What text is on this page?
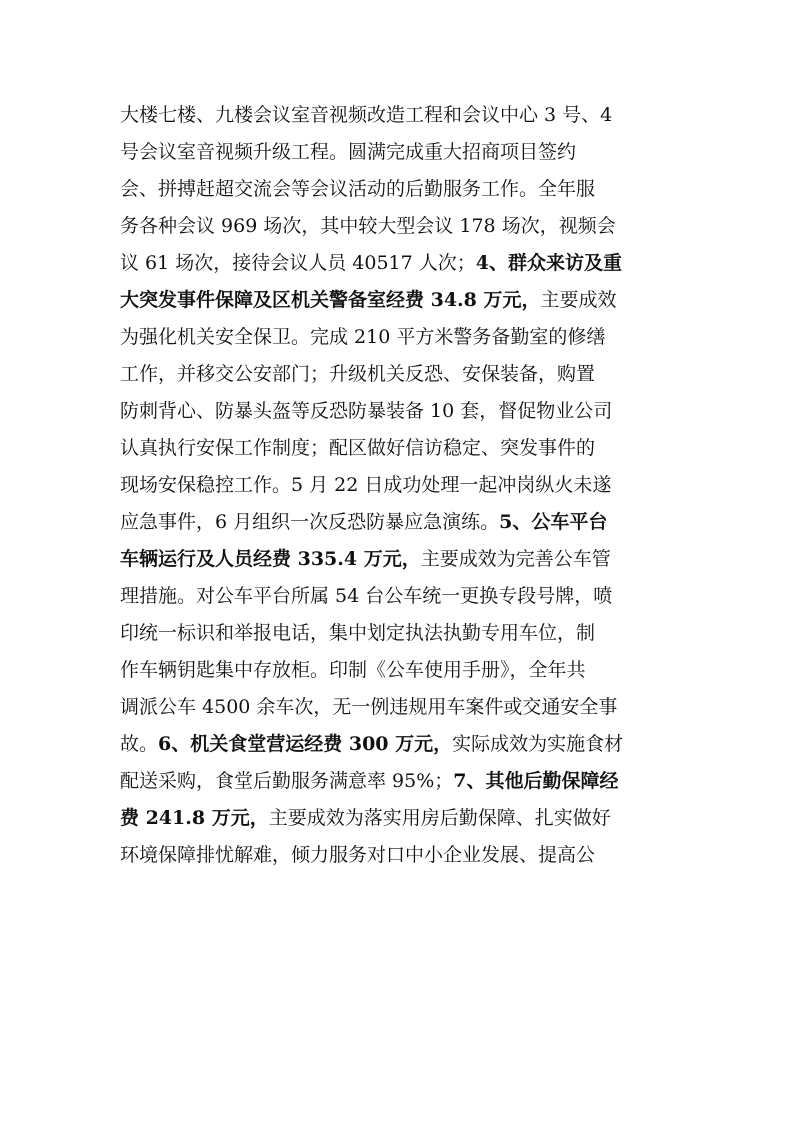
大楼七楼、九楼会议室音视频改造工程和会议中心 3 号、4
号会议室音视频升级工程。圆满完成重大招商项目签约
会、拼搏赶超交流会等会议活动的后勤服务工作。全年服
务各种会议 969 场次，其中较大型会议 178 场次，视频会
议 61 场次，接待会议人员 40517 人次；4、群众来访及重
大突发事件保障及区机关警备室经费 34.8 万元，主要成效
为强化机关安全保卫。完成 210 平方米警务备勤室的修缮
工作，并移交公安部门；升级机关反恐、安保装备，购置
防刺背心、防暴头盔等反恐防暴装备 10 套，督促物业公司
认真执行安保工作制度；配区做好信访稳定、突发事件的
现场安保稳控工作。5 月 22 日成功处理一起冲岗纵火未遂
应急事件，6 月组织一次反恐防暴应急演练。5、公车平台
车辆运行及人员经费 335.4 万元，主要成效为完善公车管
理措施。对公车平台所属 54 台公车统一更换专段号牌，喷
印统一标识和举报电话，集中划定执法执勤专用车位，制
作车辆钥匙集中存放柜。印制《公车使用手册》，全年共
调派公车 4500 余车次，无一例违规用车案件或交通安全事
故。6、机关食堂营运经费 300 万元，实际成效为实施食材
配送采购，食堂后勤服务满意率 95%；7、其他后勤保障经
费 241.8 万元，主要成效为落实用房后勤保障、扎实做好
环境保障排忧解难，倾力服务对口中小企业发展、提高公
